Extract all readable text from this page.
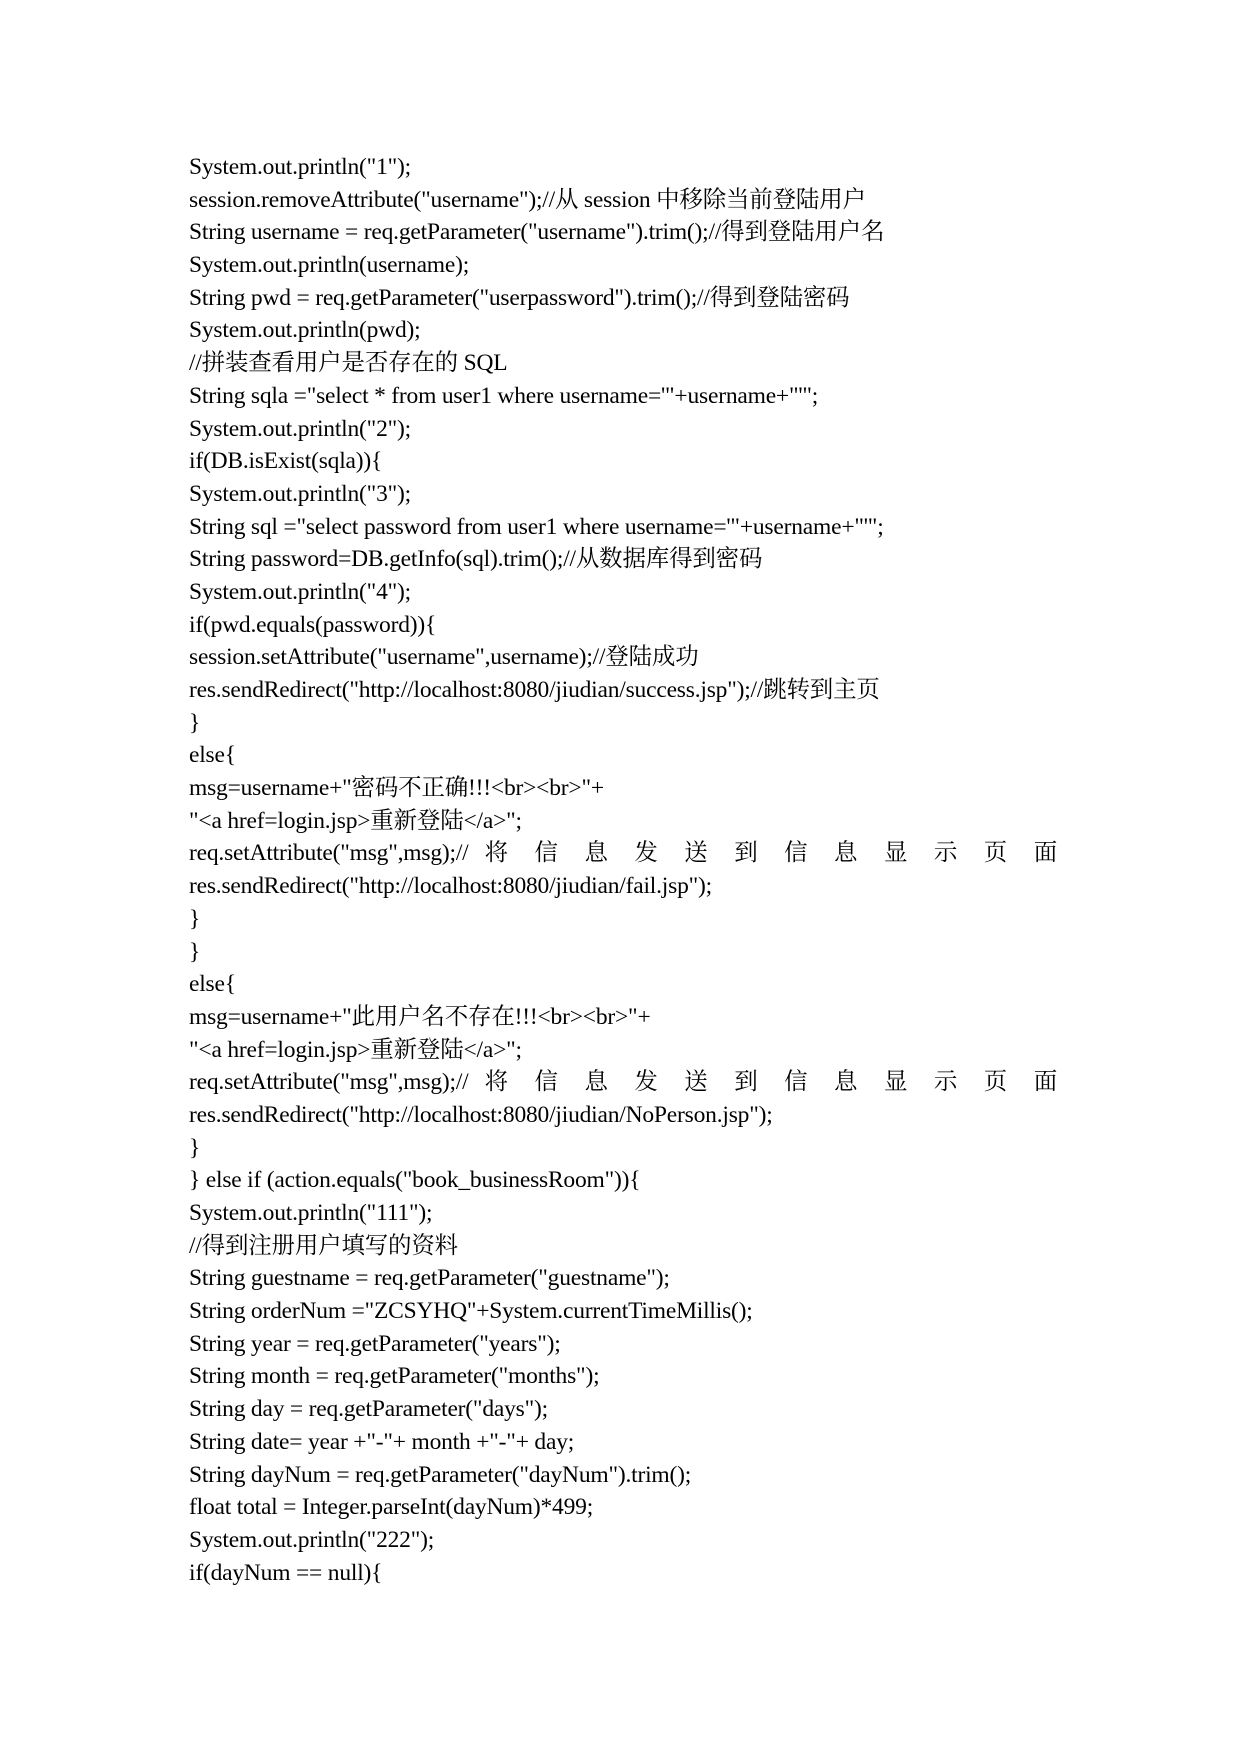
System.out.println("1");
session.removeAttribute("username");//从 session 中移除当前登陆用户
String username = req.getParameter("username").trim();//得到登陆用户名
System.out.println(username);
String pwd = req.getParameter("userpassword").trim();//得到登陆密码
System.out.println(pwd);
//拼装查看用户是否存在的 SQL
String sqla ="select * from user1 where username='"+username+"'";
System.out.println("2");
if(DB.isExist(sqla)){
System.out.println("3");
String sql ="select password from user1 where username='"+username+"'";
String password=DB.getInfo(sql).trim();//从数据库得到密码
System.out.println("4");
if(pwd.equals(password)){
session.setAttribute("username",username);//登陆成功
res.sendRedirect("http://localhost:8080/jiudian/success.jsp");//跳转到主页
}
else{
msg=username+"密码不正确!!!<br><br>"+
"<a href=login.jsp>重新登陆</a>";
req.setAttribute("msg",msg);// 将 信 息 发 送 到 信 息 显 示 页 面
res.sendRedirect("http://localhost:8080/jiudian/fail.jsp");
}
}
else{
msg=username+"此用户名不存在!!!<br><br>"+
"<a href=login.jsp>重新登陆</a>";
req.setAttribute("msg",msg);// 将 信 息 发 送 到 信 息 显 示 页 面
res.sendRedirect("http://localhost:8080/jiudian/NoPerson.jsp");
}
} else if (action.equals("book_businessRoom")){
System.out.println("111");
//得到注册用户填写的资料
String guestname = req.getParameter("guestname");
String orderNum ="ZCSYHQ"+System.currentTimeMillis();
String year = req.getParameter("years");
String month = req.getParameter("months");
String day = req.getParameter("days");
String date= year +"-"+ month +"-"+ day;
String dayNum = req.getParameter("dayNum").trim();
float total = Integer.parseInt(dayNum)*499;
System.out.println("222");
if(dayNum == null){
